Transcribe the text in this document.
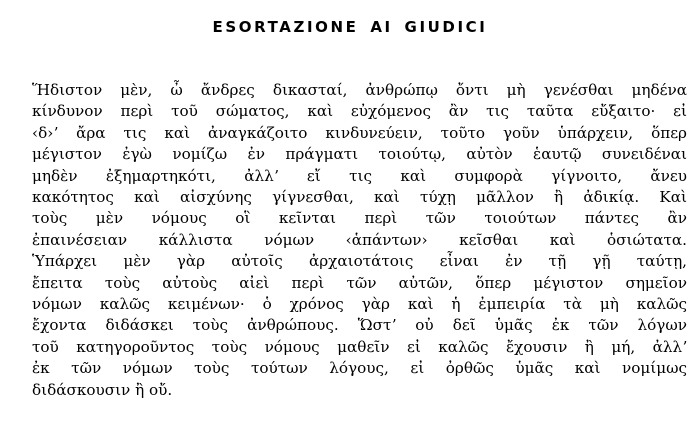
ESORTAZIONE AI GIUDICI
Ἥδιστον μὲν, ὦ ἄνδρες δικασταί, ἀνθρώπῳ ὄντι μὴ γενέσθαι μηδένα
κίνδυνον περὶ τοῦ σώματος, καὶ εὐχόμενος ἂν τις ταῦτα εὔξαιτο· εἰ
‹δ›ʼ ἄρα τις καὶ ἀναγκάζοιτο κινδυνεύειν, τοῦτο γοῦν ὑπάρχειν, ὅπερ
μέγιστον ἐγὼ νομίζω ἐν πράγματι τοιούτῳ, αὐτὸν ἑαυτῷ συνειδέναι
μηδὲν ἐξημαρτηκότι, ἀλλʼ εἴ τις καὶ συμφορὰ γίγνοιτο, ἄνευ
κακότητος καὶ αἰσχύνης γίγνεσθαι, καὶ τύχῃ μᾶλλον ἢ ἀδικίᾳ. Καὶ
τοὺς μὲν νόμους οἳ κεῖνται περὶ τῶν τοιούτων πάντες ἂν
ἐπαινέσειαν κάλλιστα νόμων ‹ἁπάντων› κεῖσθαι καὶ ὁσιώτατα.
Ὑπάρχει μὲν γὰρ αὐτοῖς ἀρχαιοτάτοις εἶναι ἐν τῇ γῇ ταύτῃ,
ἔπειτα τοὺς αὐτοὺς αἰεὶ περὶ τῶν αὐτῶν, ὅπερ μέγιστον σημεῖον
νόμων καλῶς κειμένων· ὁ χρόνος γὰρ καὶ ἡ ἐμπειρία τὰ μὴ καλῶς
ἔχοντα διδάσκει τοὺς ἀνθρώπους. Ὥστʼ οὐ δεῖ ὑμᾶς ἐκ τῶν λόγων
τοῦ κατηγοροῦντος τοὺς νόμους μαθεῖν εἰ καλῶς ἔχουσιν ἢ μή, ἀλλʼ
ἐκ τῶν νόμων τοὺς τούτων λόγους, εἰ ὀρθῶς ὑμᾶς καὶ νομίμως
διδάσκουσιν ἢ οὔ.
